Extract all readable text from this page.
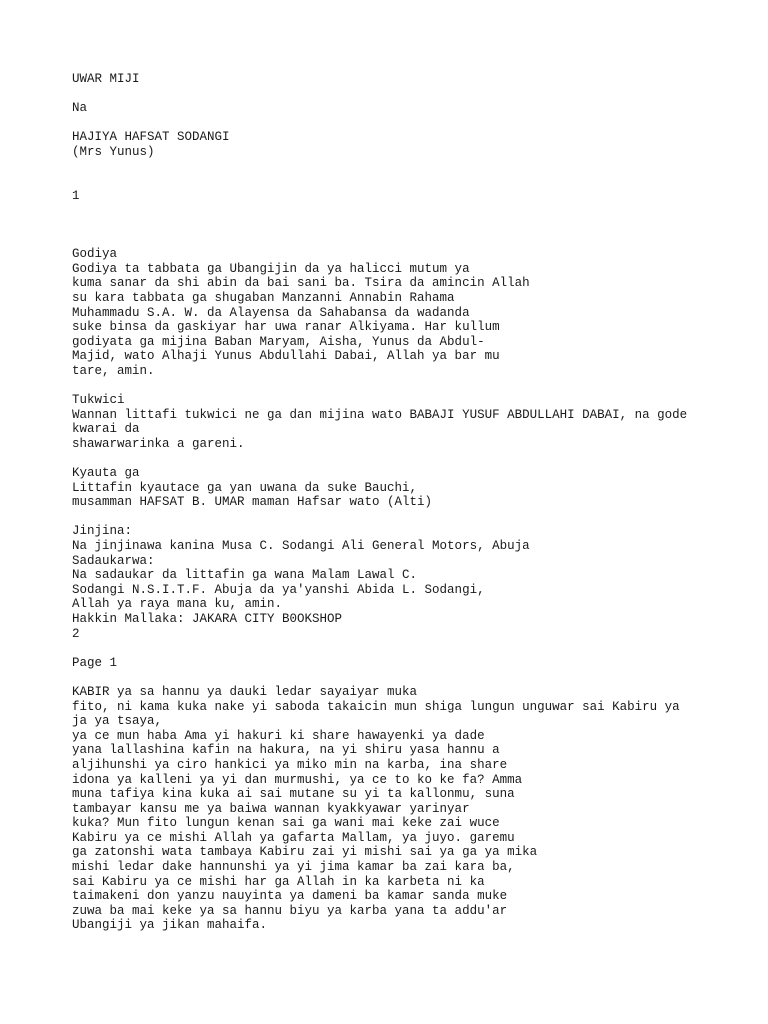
UWAR MIJI
Na
HAJIYA HAFSAT SODANGI
(Mrs Yunus)
1
Godiya
Godiya ta tabbata ga Ubangijin da ya halicci mutum ya
kuma sanar da shi abin da bai sani ba. Tsira da amincin Allah
su kara tabbata ga shugaban Manzanni Annabin Rahama
Muhammadu S.A. W. da Alayensa da Sahabansa da wadanda
suke binsa da gaskiyar har uwa ranar Alkiyama. Har kullum
godiyata ga mijina Baban Maryam, Aisha, Yunus da Abdul-
Majid, wato Alhaji Yunus Abdullahi Dabai, Allah ya bar mu
tare, amin.
Tukwici
Wannan littafi tukwici ne ga dan mijina wato BABAJI YUSUF ABDULLAHI DABAI, na gode
kwarai da
shawarwarinka a gareni.
Kyauta ga
Littafin kyautace ga yan uwana da suke Bauchi,
musamman HAFSAT B. UMAR maman Hafsar wato (Alti)
Jinjina:
Na jinjinawa kanina Musa C. Sodangi Ali General Motors, Abuja
Sadaukarwa:
Na sadaukar da littafin ga wana Malam Lawal C.
Sodangi N.S.I.T.F. Abuja da ya'yanshi Abida L. Sodangi,
Allah ya raya mana ku, amin.
Hakkin Mallaka: JAKARA CITY B0OKSHOP
2
Page 1
KABIR ya sa hannu ya dauki ledar sayaiyar muka
fito, ni kama kuka nake yi saboda takaicin mun shiga lungun unguwar sai Kabiru ya
ja ya tsaya,
ya ce mun haba Ama yi hakuri ki share hawayenki ya dade
yana lallashina kafin na hakura, na yi shiru yasa hannu a
aljihunshi ya ciro hankici ya miko min na karba, ina share
idona ya kalleni ya yi dan murmushi, ya ce to ko ke fa? Amma
muna tafiya kina kuka ai sai mutane su yi ta kallonmu, suna
tambayar kansu me ya baiwa wannan kyakkyawar yarinyar
kuka? Mun fito lungun kenan sai ga wani mai keke zai wuce
Kabiru ya ce mishi Allah ya gafarta Mallam, ya juyo. garemu
ga zatonshi wata tambaya Kabiru zai yi mishi sai ya ga ya mika
mishi ledar dake hannunshi ya yi jima kamar ba zai kara ba,
sai Kabiru ya ce mishi har ga Allah in ka karbeta ni ka
taimakeni don yanzu nauyinta ya dameni ba kamar sanda muke
zuwa ba mai keke ya sa hannu biyu ya karba yana ta addu'ar
Ubangiji ya jikan mahaifa.
